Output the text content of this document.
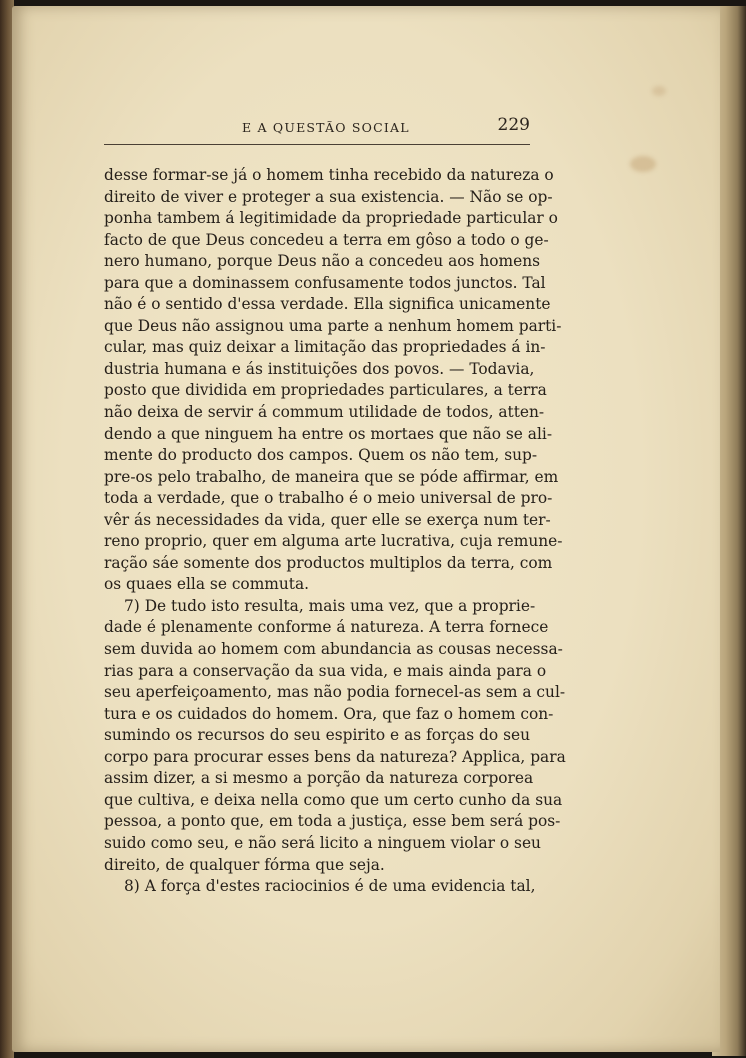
E A QUESTÃO SOCIAL	229
desse formar-se já o homem tinha recebido da natureza o
direito de viver e proteger a sua existencia. — Não se op-
ponha tambem á legitimidade da propriedade particular o
facto de que Deus concedeu a terra em gôso a todo o ge-
nero humano, porque Deus não a concedeu aos homens
para que a dominassem confusamente todos junctos. Tal
não é o sentido d'essa verdade. Ella significa unicamente
que Deus não assignou uma parte a nenhum homem parti-
cular, mas quiz deixar a limitação das propriedades á in-
dustria humana e ás instituições dos povos. — Todavia,
posto que dividida em propriedades particulares, a terra
não deixa de servir á commum utilidade de todos, atten-
dendo a que ninguem ha entre os mortaes que não se ali-
mente do producto dos campos. Quem os não tem, sup-
pre-os pelo trabalho, de maneira que se póde affirmar, em
toda a verdade, que o trabalho é o meio universal de pro-
vêr ás necessidades da vida, quer elle se exerça num ter-
reno proprio, quer em alguma arte lucrativa, cuja remune-
ração sáe somente dos productos multiplos da terra, com
os quaes ella se commuta.
7) De tudo isto resulta, mais uma vez, que a proprie-
dade é plenamente conforme á natureza. A terra fornece
sem duvida ao homem com abundancia as cousas necessa-
rias para a conservação da sua vida, e mais ainda para o
seu aperfeiçoamento, mas não podia fornecel-as sem a cul-
tura e os cuidados do homem. Ora, que faz o homem con-
sumindo os recursos do seu espirito e as forças do seu
corpo para procurar esses bens da natureza? Applica, para
assim dizer, a si mesmo a porção da natureza corporea
que cultiva, e deixa nella como que um certo cunho da sua
pessoa, a ponto que, em toda a justiça, esse bem será pos-
suido como seu, e não será licito a ninguem violar o seu
direito, de qualquer fórma que seja.
8) A força d'estes raciocinios é de uma evidencia tal,
